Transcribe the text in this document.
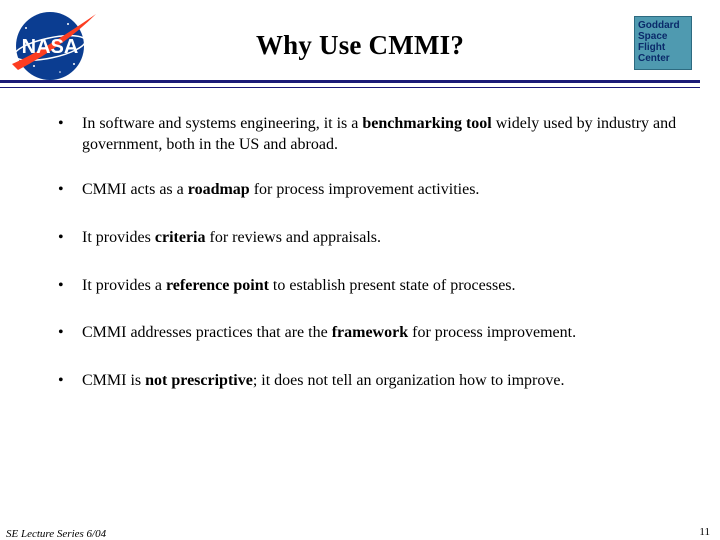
NASA
Goddard
Space
Flight
Center
Why Use CMMI?
•	In software and systems engineering, it is a benchmarking tool widely used by industry and government, both in the US and abroad.
•	CMMI acts as a roadmap for process improvement activities.
•	It provides criteria for reviews and appraisals.
•	It provides a reference point to establish present state of processes.
•	CMMI addresses practices that are the framework for process improvement.
•	CMMI is not prescriptive; it does not tell an organization how to improve.
SE Lecture Series 6/04	11
